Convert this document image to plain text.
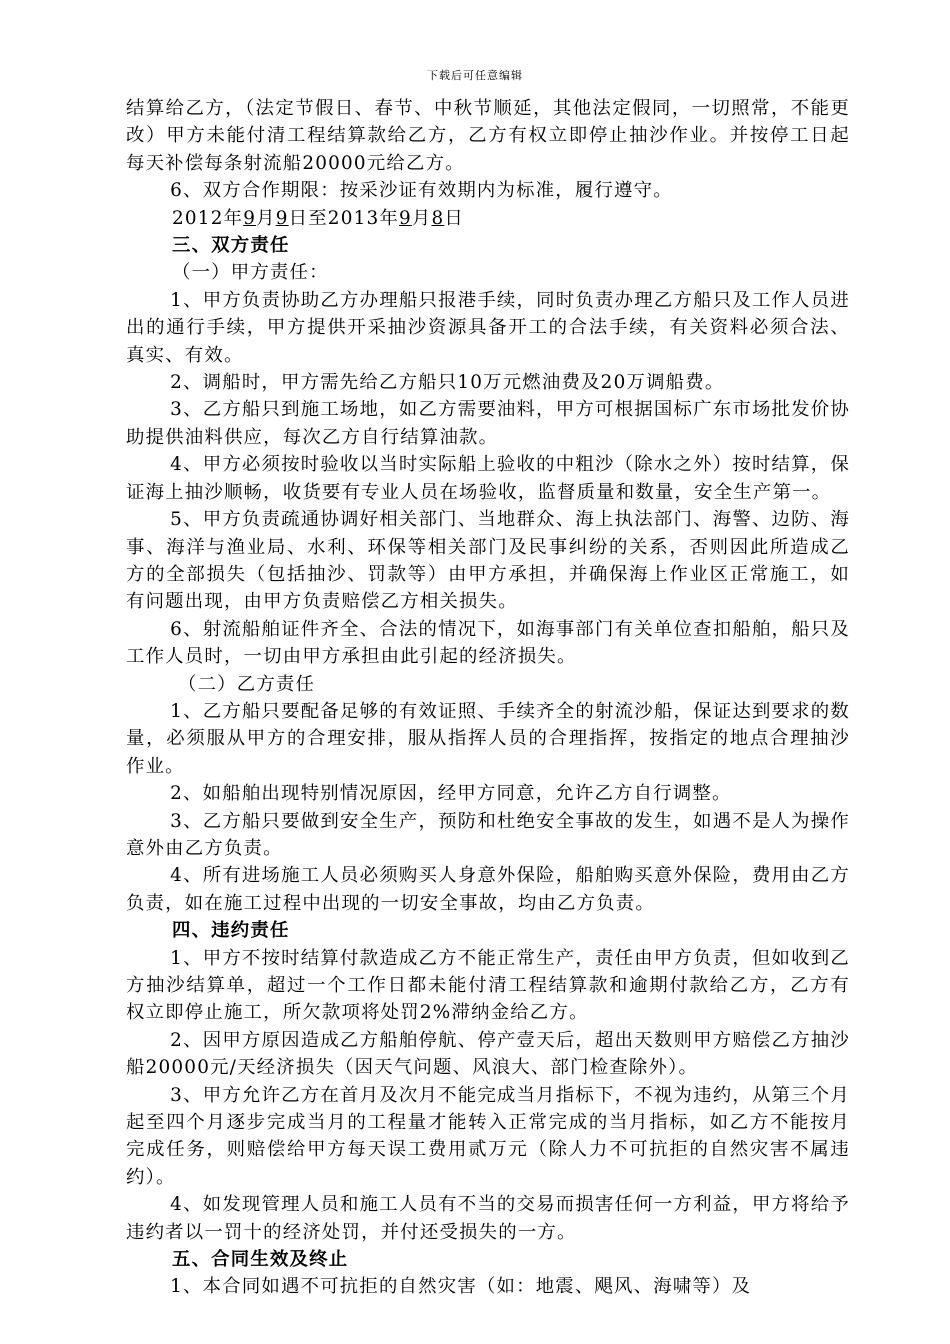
下载后可任意编辑

结算给乙方，（法定节假日、春节、中秋节顺延，其他法定假同，一切照常，不能更改）甲方未能付清工程结算款给乙方，乙方有权立即停止抽沙作业。并按停工日起每天补偿每条射流船20000元给乙方。

6、双方合作期限：按采沙证有效期内为标准，履行遵守。

2012年9月9日至2013年9月8日

三、双方责任

（一）甲方责任：

1、甲方负责协助乙方办理船只报港手续，同时负责办理乙方船只及工作人员进出的通行手续，甲方提供开采抽沙资源具备开工的合法手续，有关资料必须合法、真实、有效。

2、调船时，甲方需先给乙方船只10万元燃油费及20万调船费。

3、乙方船只到施工场地，如乙方需要油料，甲方可根据国标广东市场批发价协助提供油料供应，每次乙方自行结算油款。

4、甲方必须按时验收以当时实际船上验收的中粗沙（除水之外）按时结算，保证海上抽沙顺畅，收货要有专业人员在场验收，监督质量和数量，安全生产第一。

5、甲方负责疏通协调好相关部门、当地群众、海上执法部门、海警、边防、海事、海洋与渔业局、水利、环保等相关部门及民事纠纷的关系，否则因此所造成乙方的全部损失（包括抽沙、罚款等）由甲方承担，并确保海上作业区正常施工，如有问题出现，由甲方负责赔偿乙方相关损失。

6、射流船舶证件齐全、合法的情况下，如海事部门有关单位查扣船舶，船只及工作人员时，一切由甲方承担由此引起的经济损失。

（二）乙方责任

1、乙方船只要配备足够的有效证照、手续齐全的射流沙船，保证达到要求的数量，必须服从甲方的合理安排，服从指挥人员的合理指挥，按指定的地点合理抽沙作业。

2、如船舶出现特别情况原因，经甲方同意，允许乙方自行调整。

3、乙方船只要做到安全生产，预防和杜绝安全事故的发生，如遇不是人为操作意外由乙方负责。

4、所有进场施工人员必须购买人身意外保险，船舶购买意外保险，费用由乙方负责，如在施工过程中出现的一切安全事故，均由乙方负责。

四、违约责任

1、甲方不按时结算付款造成乙方不能正常生产，责任由甲方负责，但如收到乙方抽沙结算单，超过一个工作日都未能付清工程结算款和逾期付款给乙方，乙方有权立即停止施工，所欠款项将处罚2%滞纳金给乙方。

2、因甲方原因造成乙方船舶停航、停产壹天后，超出天数则甲方赔偿乙方抽沙船20000元/天经济损失（因天气问题、风浪大、部门检查除外）。

3、甲方允许乙方在首月及次月不能完成当月指标下，不视为违约，从第三个月起至四个月逐步完成当月的工程量才能转入正常完成的当月指标，如乙方不能按月完成任务，则赔偿给甲方每天误工费用贰万元（除人力不可抗拒的自然灾害不属违约）。

4、如发现管理人员和施工人员有不当的交易而损害任何一方利益，甲方将给予违约者以一罚十的经济处罚，并付还受损失的一方。

五、合同生效及终止

1、本合同如遇不可抗拒的自然灾害（如：地震、飓风、海啸等）及
